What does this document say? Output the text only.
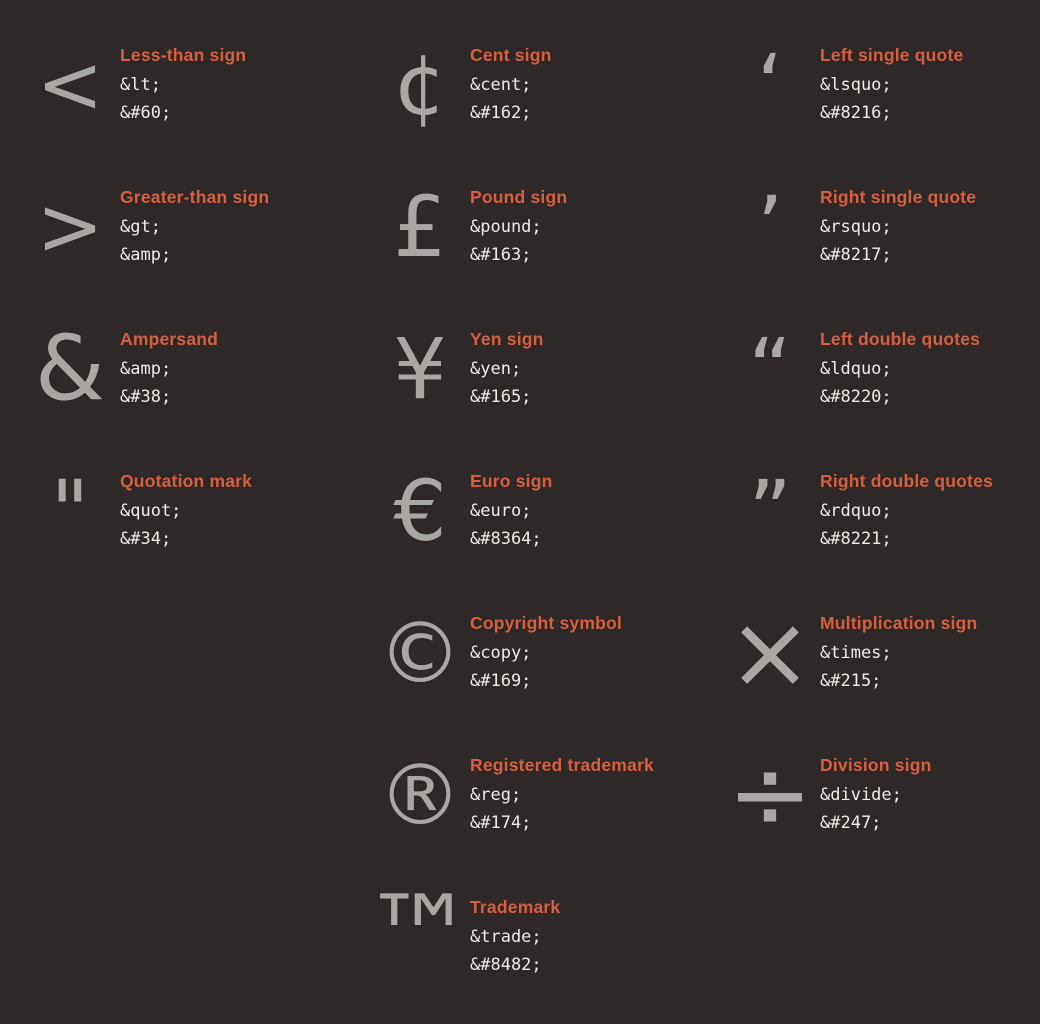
< Less-than sign
&lt;
&#60;
> Greater-than sign
&gt;
&amp;
& Ampersand
&amp;
&#38;
" Quotation mark
&quot;
&#34;
¢ Cent sign
&cent;
&#162;
£ Pound sign
&pound;
&#163;
¥ Yen sign
&yen;
&#165;
€ Euro sign
&euro;
&#8364;
© Copyright symbol
&copy;
&#169;
® Registered trademark
&reg;
&#174;
™
Trademark
&trade;
&#8482;
‘ Left single quote
&lsquo;
&#8216;
’ Right single quote
&rsquo;
&#8217;
“ Left double quotes
&ldquo;
&#8220;
” Right double quotes
&rdquo;
&#8221;
× Multiplication sign
&times;
&#215;
÷ Division sign
&divide;
&#247;
